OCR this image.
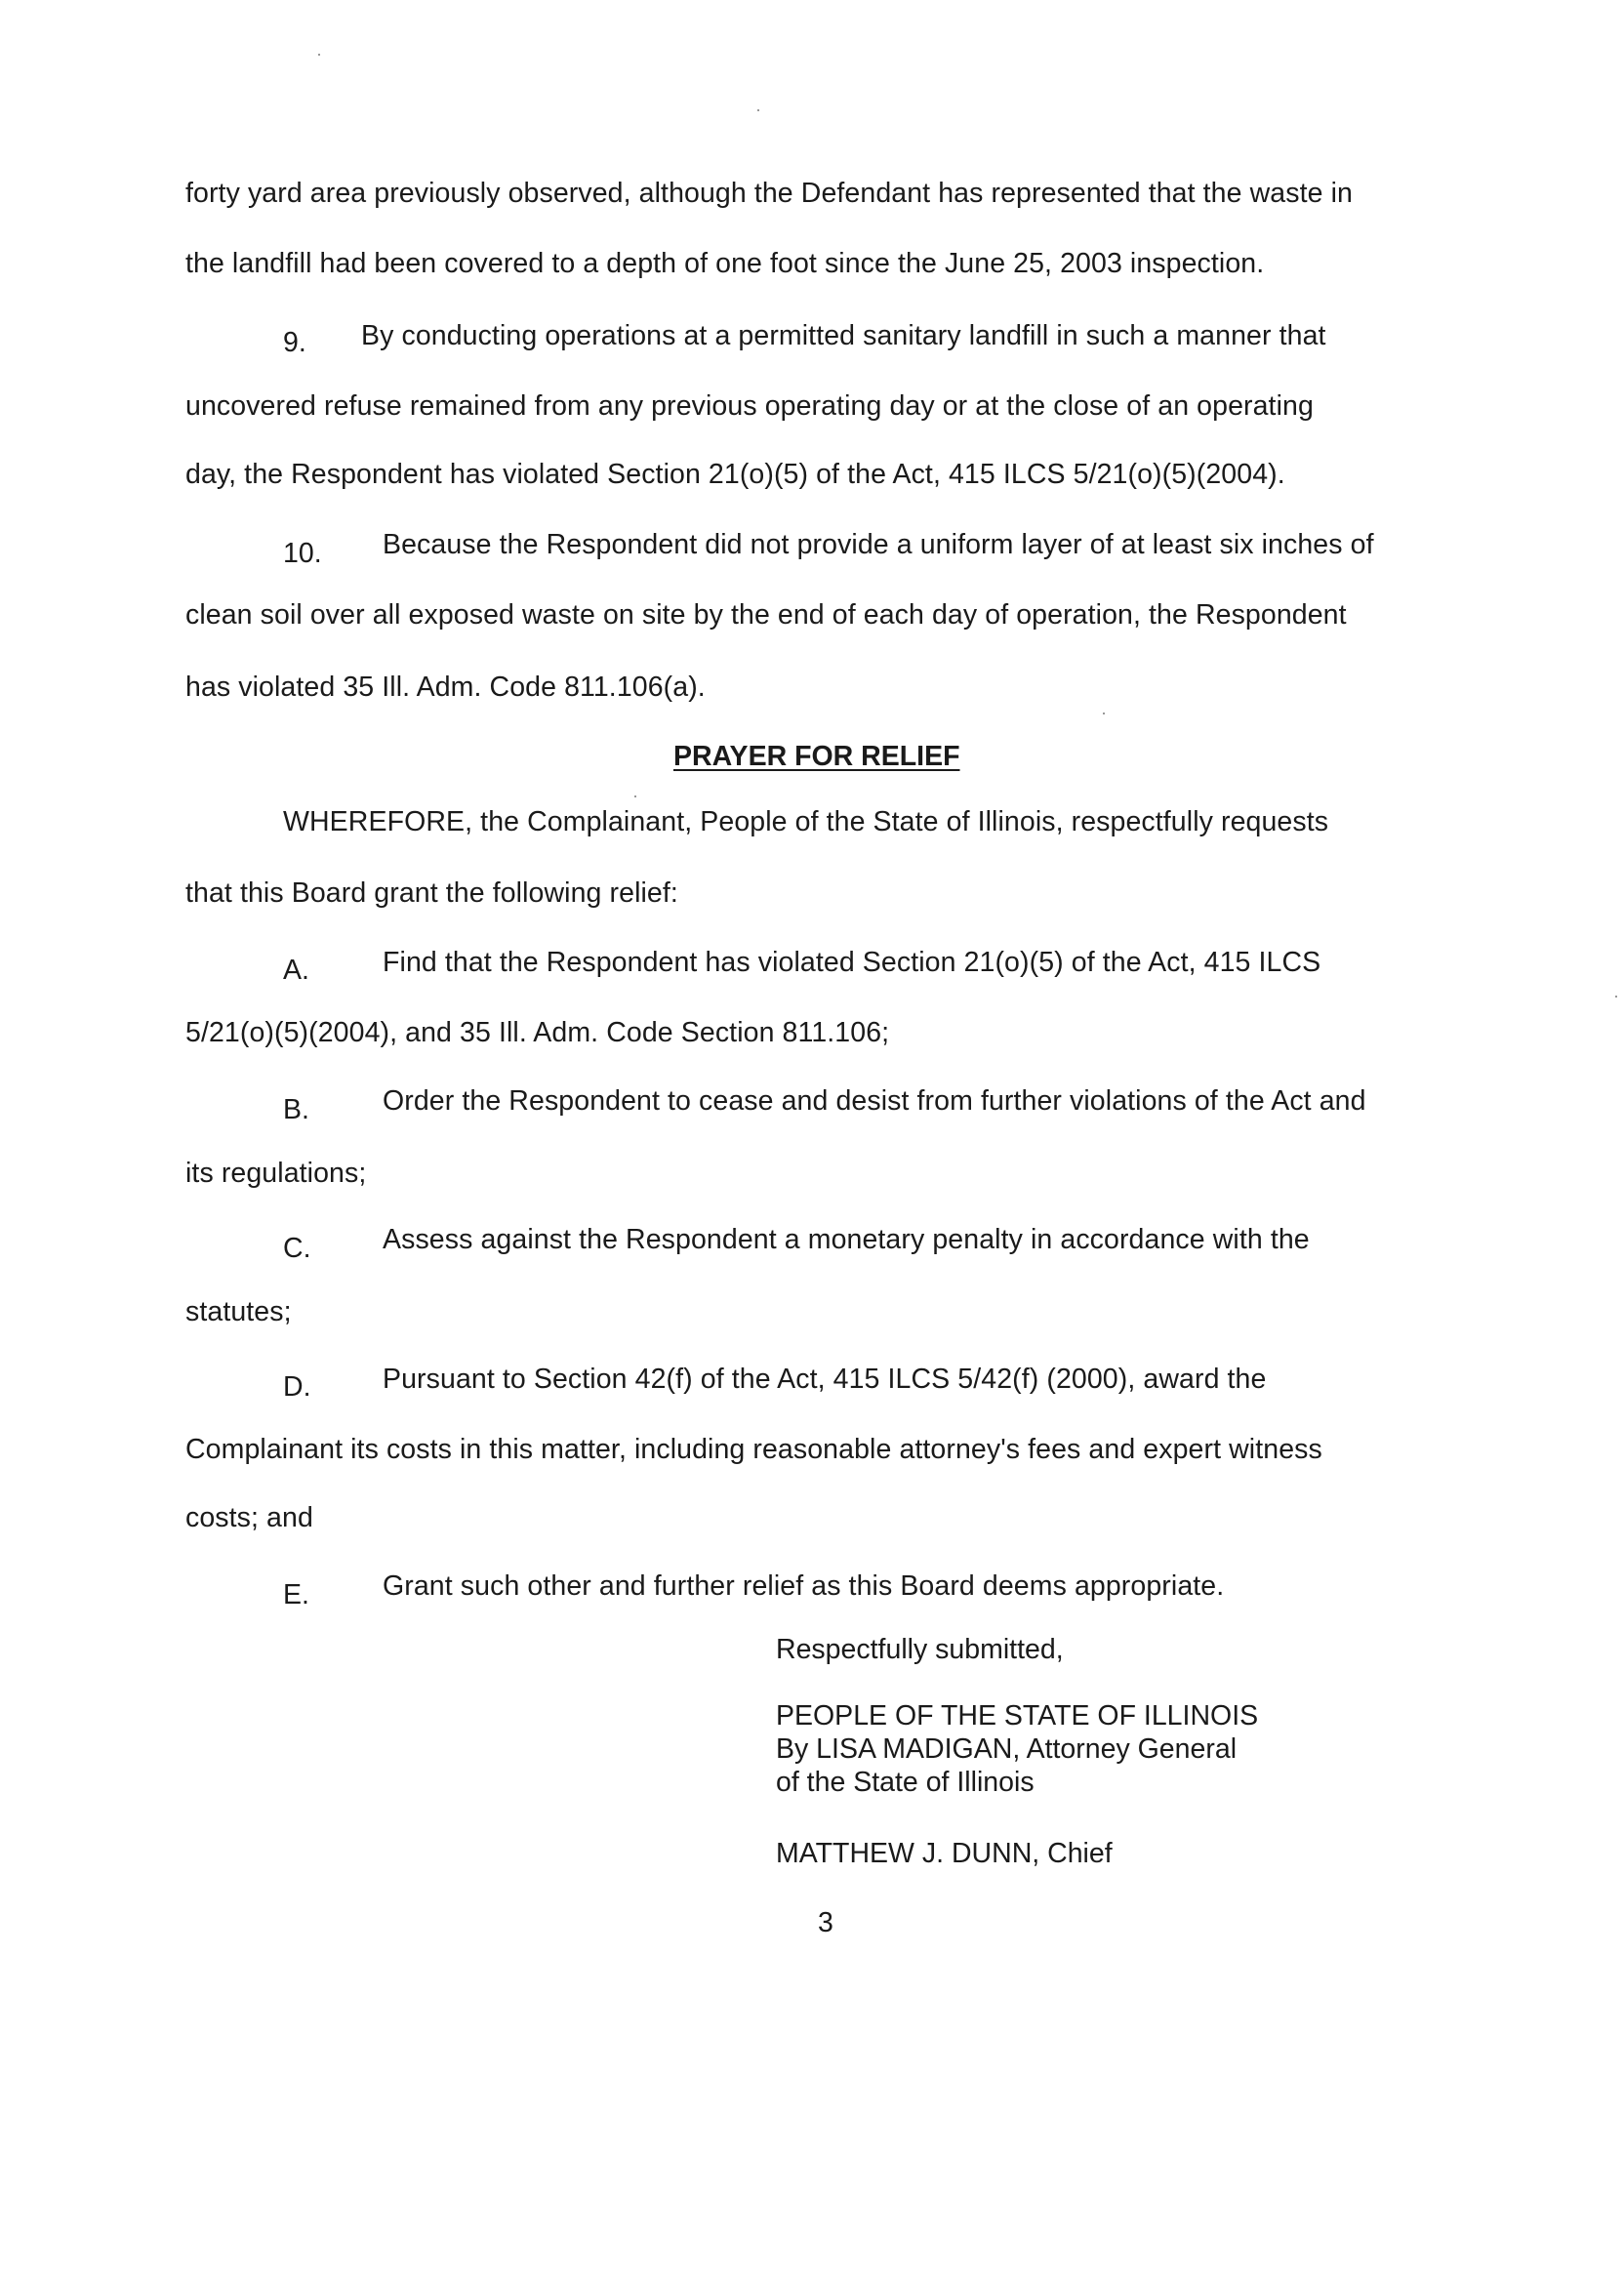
forty yard area previously observed, although the Defendant has represented that the waste in
the landfill had been covered to a depth of one foot since the June 25, 2003 inspection.
9. By conducting operations at a permitted sanitary landfill in such a manner that
uncovered refuse remained from any previous operating day or at the close of an operating
day, the Respondent has violated Section 21(o)(5) of the Act, 415 ILCS 5/21(o)(5)(2004).
10. Because the Respondent did not provide a uniform layer of at least six inches of
clean soil over all exposed waste on site by the end of each day of operation, the Respondent
has violated 35 Ill. Adm. Code 811.106(a).
PRAYER FOR RELIEF
WHEREFORE, the Complainant, People of the State of Illinois, respectfully requests
that this Board grant the following relief:
A.	Find that the Respondent has violated Section 21(o)(5) of the Act, 415 ILCS
5/21(o)(5)(2004), and 35 Ill. Adm. Code Section 811.106;
B.	Order the Respondent to cease and desist from further violations of the Act and
its regulations;
C.	Assess against the Respondent a monetary penalty in accordance with the
statutes;
D.	Pursuant to Section 42(f) of the Act, 415 ILCS 5/42(f) (2000), award the
Complainant its costs in this matter, including reasonable attorney's fees and expert witness
costs; and
E.	Grant such other and further relief as this Board deems appropriate.
Respectfully submitted,
PEOPLE OF THE STATE OF ILLINOIS
By LISA MADIGAN, Attorney General
of the State of Illinois
MATTHEW J. DUNN, Chief
3
